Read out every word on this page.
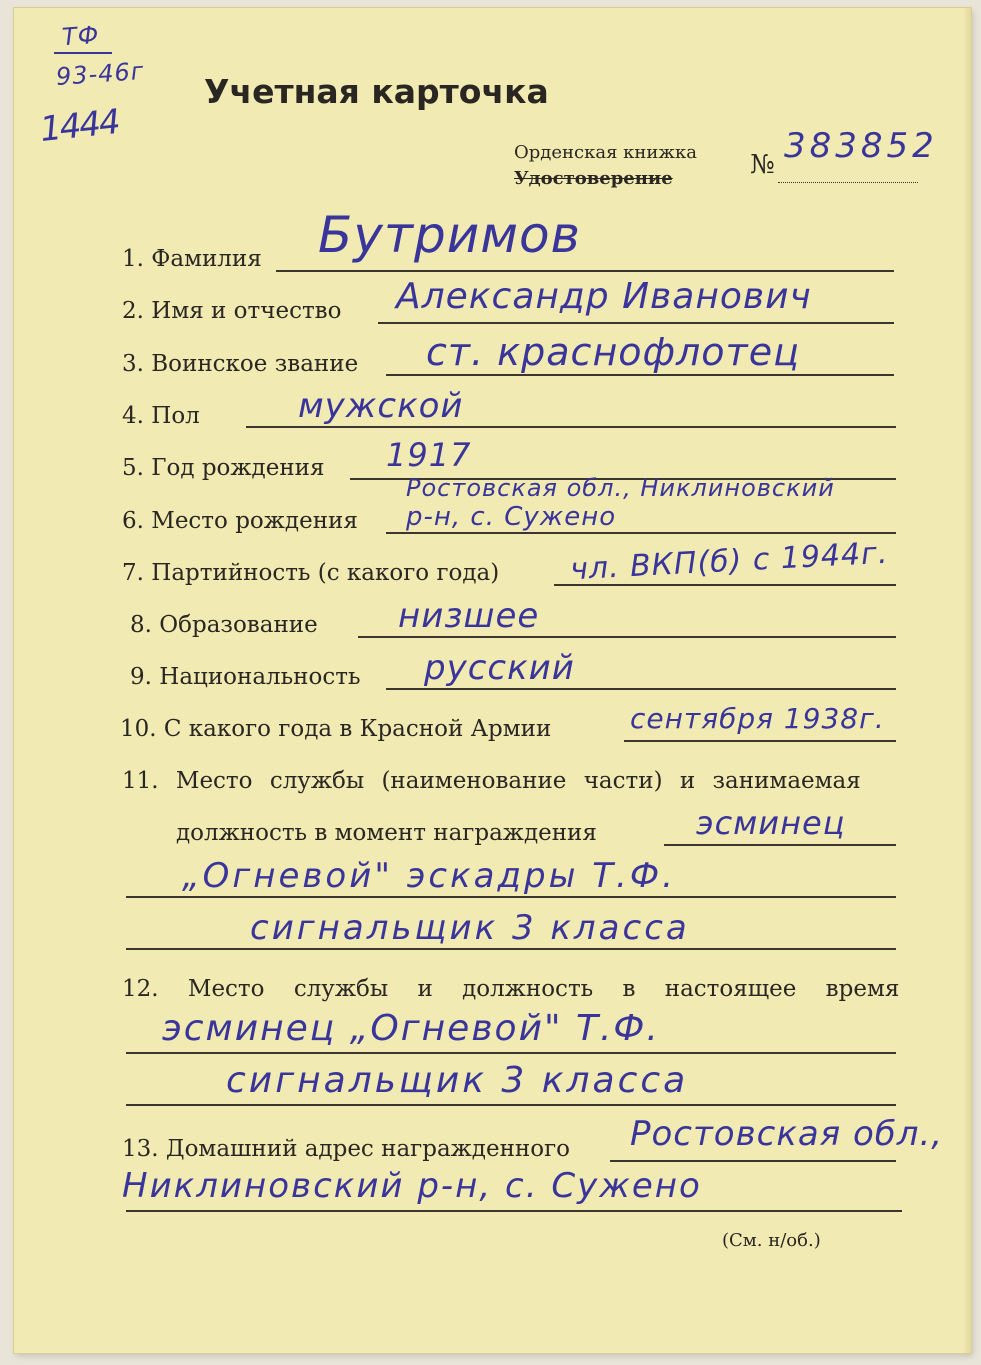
ТФ
93-46г
1444
Учетная карточка
Орденская книжка
Удостоверение	№ 383852
1. Фамилия Бутримов
2. Имя и отчество Александр Иванович
3. Воинское звание ст. краснофлотец
4. Пол	мужской
5. Год рождения 1917
Ростовская обл., Никлиновский
6. Место рождения р-н, с. Сужено
7. Партийность (с какого года) чл. ВКП(б) с 1944г.
8. Образование низшее
9. Национальность русский
10. С какого года в Красной Армии	сентября 1938г.
11. Место службы (наименование части) и занимаемая
должность в момент награждения	эсминец
„Огневой" эскадры Т.Ф.
сигнальщик 3 класса
12. Место службы и должность в настоящее время
эсминец „Огневой" Т.Ф.
сигнальщик 3 класса
13. Домашний адрес награжденного Ростовская обл.,
Никлиновский р-н, с. Сужено
(См. н/об.)
